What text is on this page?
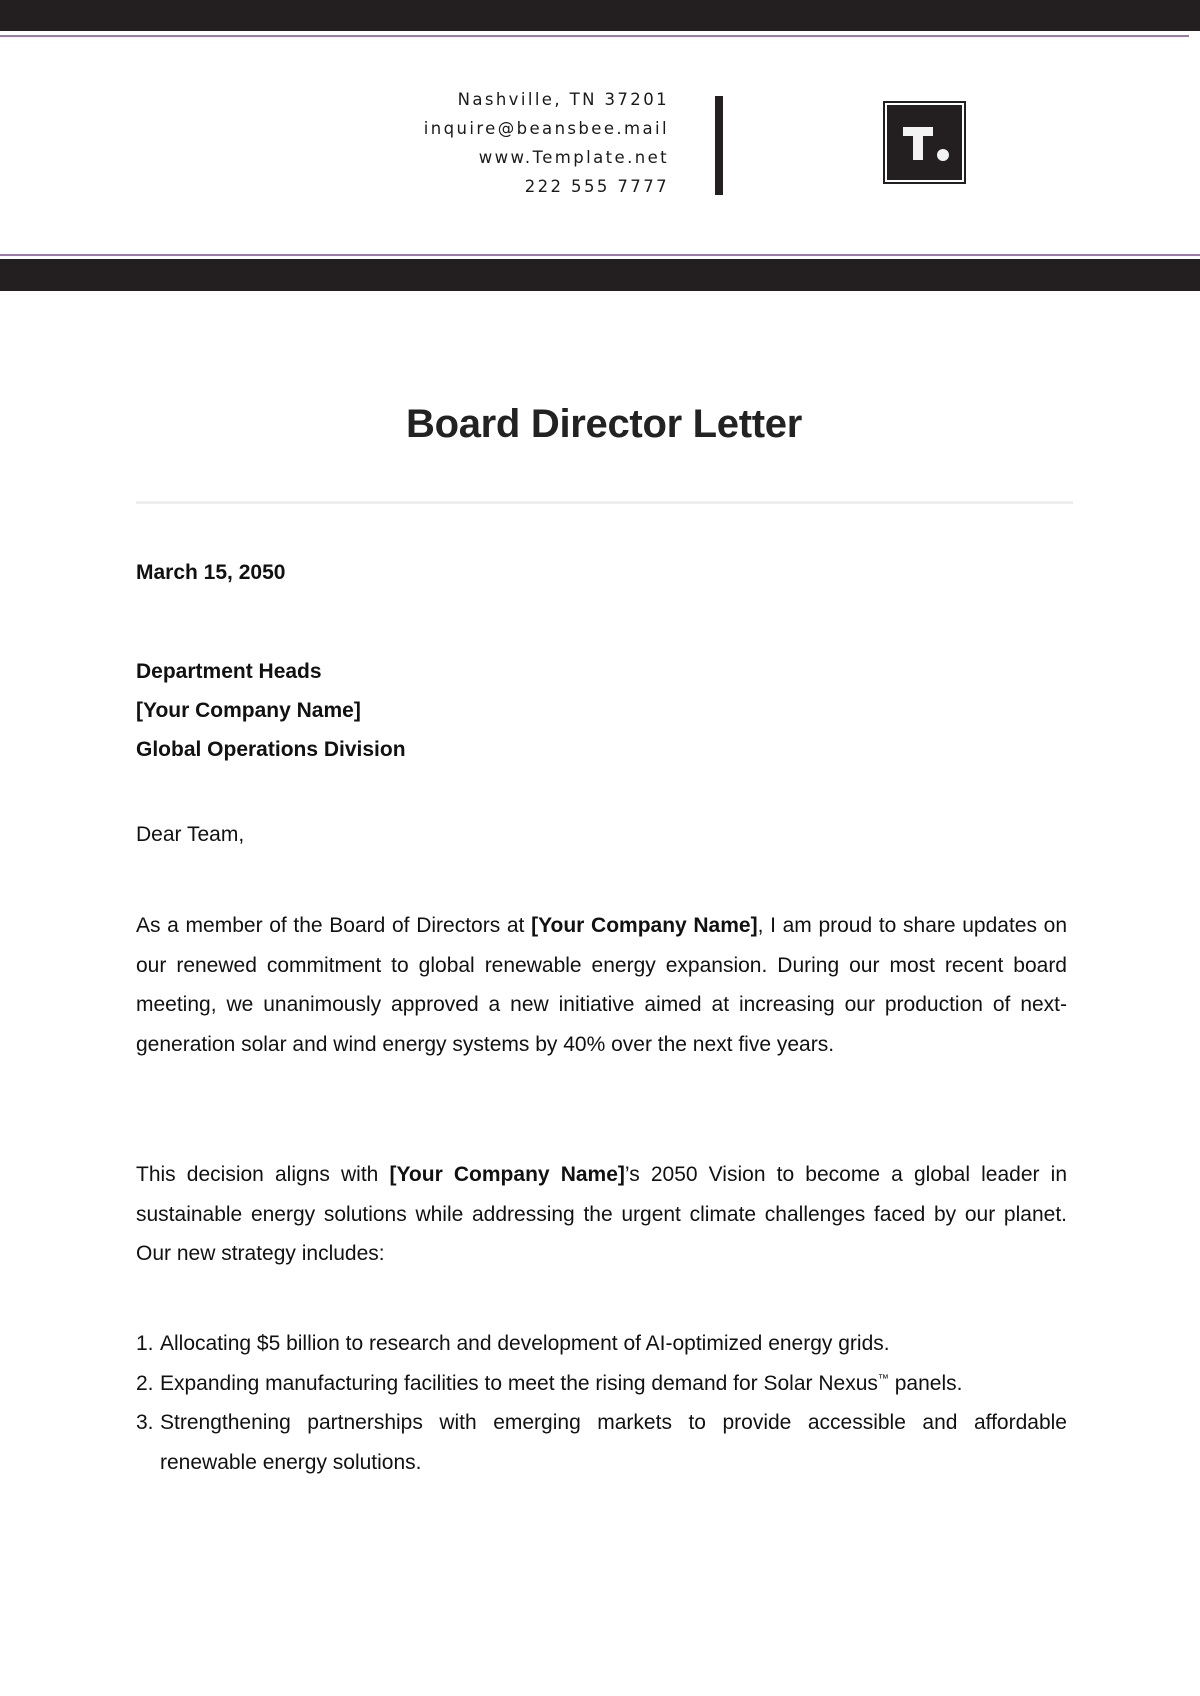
Nashville, TN 37201
inquire@beansbee.mail
www.Template.net
222 555 7777
Board Director Letter
March 15, 2050
Department Heads
[Your Company Name]
Global Operations Division
Dear Team,

As a member of the Board of Directors at [Your Company Name], I am proud to share updates on our renewed commitment to global renewable energy expansion. During our most recent board meeting, we unanimously approved a new initiative aimed at increasing our production of next-generation solar and wind energy systems by 40% over the next five years.

This decision aligns with [Your Company Name]’s 2050 Vision to become a global leader in sustainable energy solutions while addressing the urgent climate challenges faced by our planet. Our new strategy includes:

1. Allocating $5 billion to research and development of AI-optimized energy grids.
2. Expanding manufacturing facilities to meet the rising demand for Solar Nexus™ panels.
3. Strengthening partnerships with emerging markets to provide accessible and affordable renewable energy solutions.
